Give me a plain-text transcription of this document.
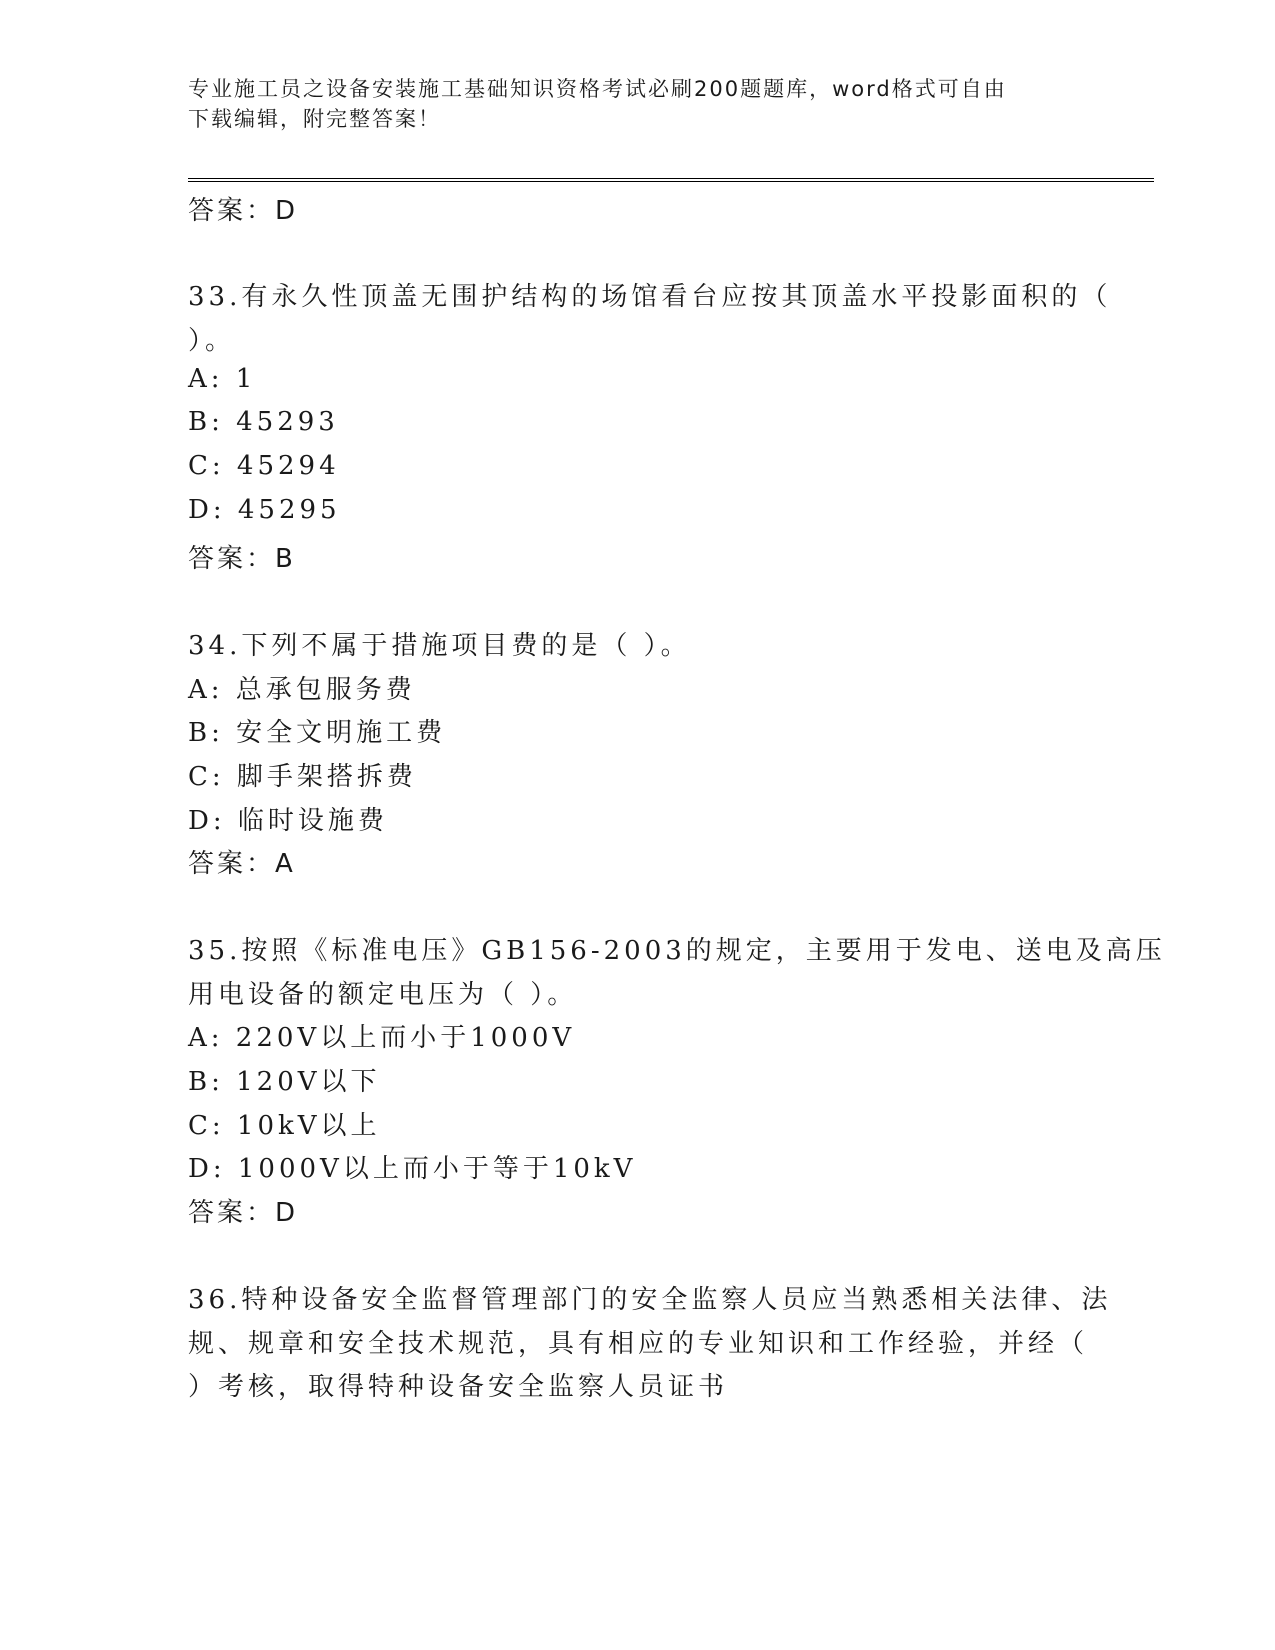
专业施工员之设备安装施工基础知识资格考试必刷200题题库，word格式可自由
下载编辑，附完整答案！

答案：D

33.有永久性顶盖无围护结构的场馆看台应按其顶盖水平投影面积的（

）。

A: 1

B: 45293

C: 45294

D: 45295

答案：B

34.下列不属于措施项目费的是（ ）。

A: 总承包服务费

B: 安全文明施工费

C: 脚手架搭拆费

D: 临时设施费

答案：A

35.按照《标准电压》GB156-2003的规定，主要用于发电、送电及高压

用电设备的额定电压为（ ）。

A: 220V以上而小于1000V

B: 120V以下

C: 10kV以上

D: 1000V以上而小于等于10kV

答案：D

36.特种设备安全监督管理部门的安全监察人员应当熟悉相关法律、法

规、规章和安全技术规范，具有相应的专业知识和工作经验，并经（

）考核，取得特种设备安全监察人员证书
